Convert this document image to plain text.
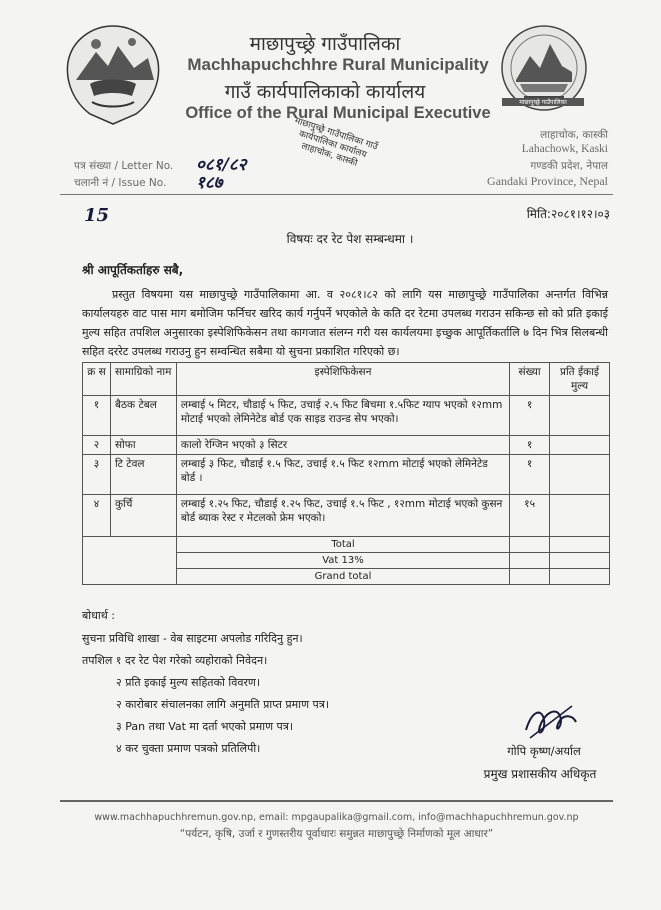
माछापुच्छ्रे गाउँपालिका
Machhapuchchhre Rural Municipality
गाउँ कार्यपालिकाको कार्यालय
Office of the Rural Municipal Executive
माछापुच्छ्रे गाउँपालिका
लाहाचोक, कास्की
Lahachowk, Kaski
गण्डकी प्रदेश, नेपाल
Gandaki Province, Nepal
पत्र संख्या / Letter No. ०८१/८२
चलानी नं / Issue No. १८७
माछापुच्छ्रे गाउँपालिका गाउँ कार्यपालिका कार्यालय लाहाचोक, कास्की
15	मिति:२०८१।१२।०३
विषयः दर रेट पेश सम्बन्धमा ।
श्री आपूर्तिकर्ताहरु सबै,
प्रस्तुत विषयमा यस माछापुच्छ्रे गाउँपालिकामा आ. व २०८१।८२ को लागि यस माछापुच्छ्रे गाउँपालिका अन्तर्गत विभिन्न कार्यालयहरु वाट पास माग बमोजिम फर्निचर खरिद कार्य गर्नुपर्ने भएकोले के कति दर रेटमा उपलब्ध गराउन सकिन्छ सो को प्रति इकाई मुल्य सहित तपशिल अनुसारका इस्पेशिफिकेसन तथा कागजात संलग्न गरी यस कार्यलयमा इच्छुक आपूर्तिकर्तालि ७ दिन भित्र सिलबन्धी सहित दररेट उपलब्ध गराउनु हुन सम्वन्धित सबैमा यो सुचना प्रकाशित गरिएको छ।
क्र स	सामाग्रिको नाम	इस्पेशिफिकेसन	संख्या	प्रति ईकाई मुल्य
१	बैठक टेबल	लम्बाई ५ मिटर, चौडाई ५ फिट, उचाई २.५ फिट बिचमा १.५फिट ग्याप भएको १२mm मोटाई भएको लेमिनेटेड बोर्ड एक साइड राउन्ड सेप भएको।	१	
२	सोफा	कालो रेग्जिन भएको ३ सिटर	१	
३	टि टेवल	लम्बाई ३ फिट, चौडाई १.५ फिट, उचाई १.५ फिट १२mm मोटाई भएको लेमिनेटेड बोर्ड ।	१	
४	कुर्चि	लम्बाई १.२५ फिट, चौडाई १.२५ फिट, उचाई १.५ फिट , १२mm मोटाई भएको कुसन बोर्ड ब्याक रेस्ट र मेटलको फ्रेम भएको।	१५	
		Total		
		Vat 13%		
		Grand total		
बोधार्थ :
सुचना प्रविधि शाखा - वेब साइटमा अपलोड गरिदिनु हुन।
तपशिल १ दर रेट पेश गरेको व्यहोराको निवेदन।
२ प्रति इकाई मुल्य सहितको विवरण।
२ कारोबार संचालनका लागि अनुमति प्राप्त प्रमाण पत्र।
३ Pan तथा Vat मा दर्ता भएको प्रमाण पत्र।
४ कर चुक्ता प्रमाण पत्रको प्रतिलिपी।	गोपि कृष्ण/अर्याल
प्रमुख प्रशासकीय अधिकृत
www.machhapuchhremun.gov.np, email: mpgaupalika@gmail.com, info@machhapuchhremun.gov.np
“पर्यटन, कृषि, उर्जा र गुणस्तरीय पूर्वाधारः समुन्नत माछापुच्छ्रे निर्माणको मूल आधार”
